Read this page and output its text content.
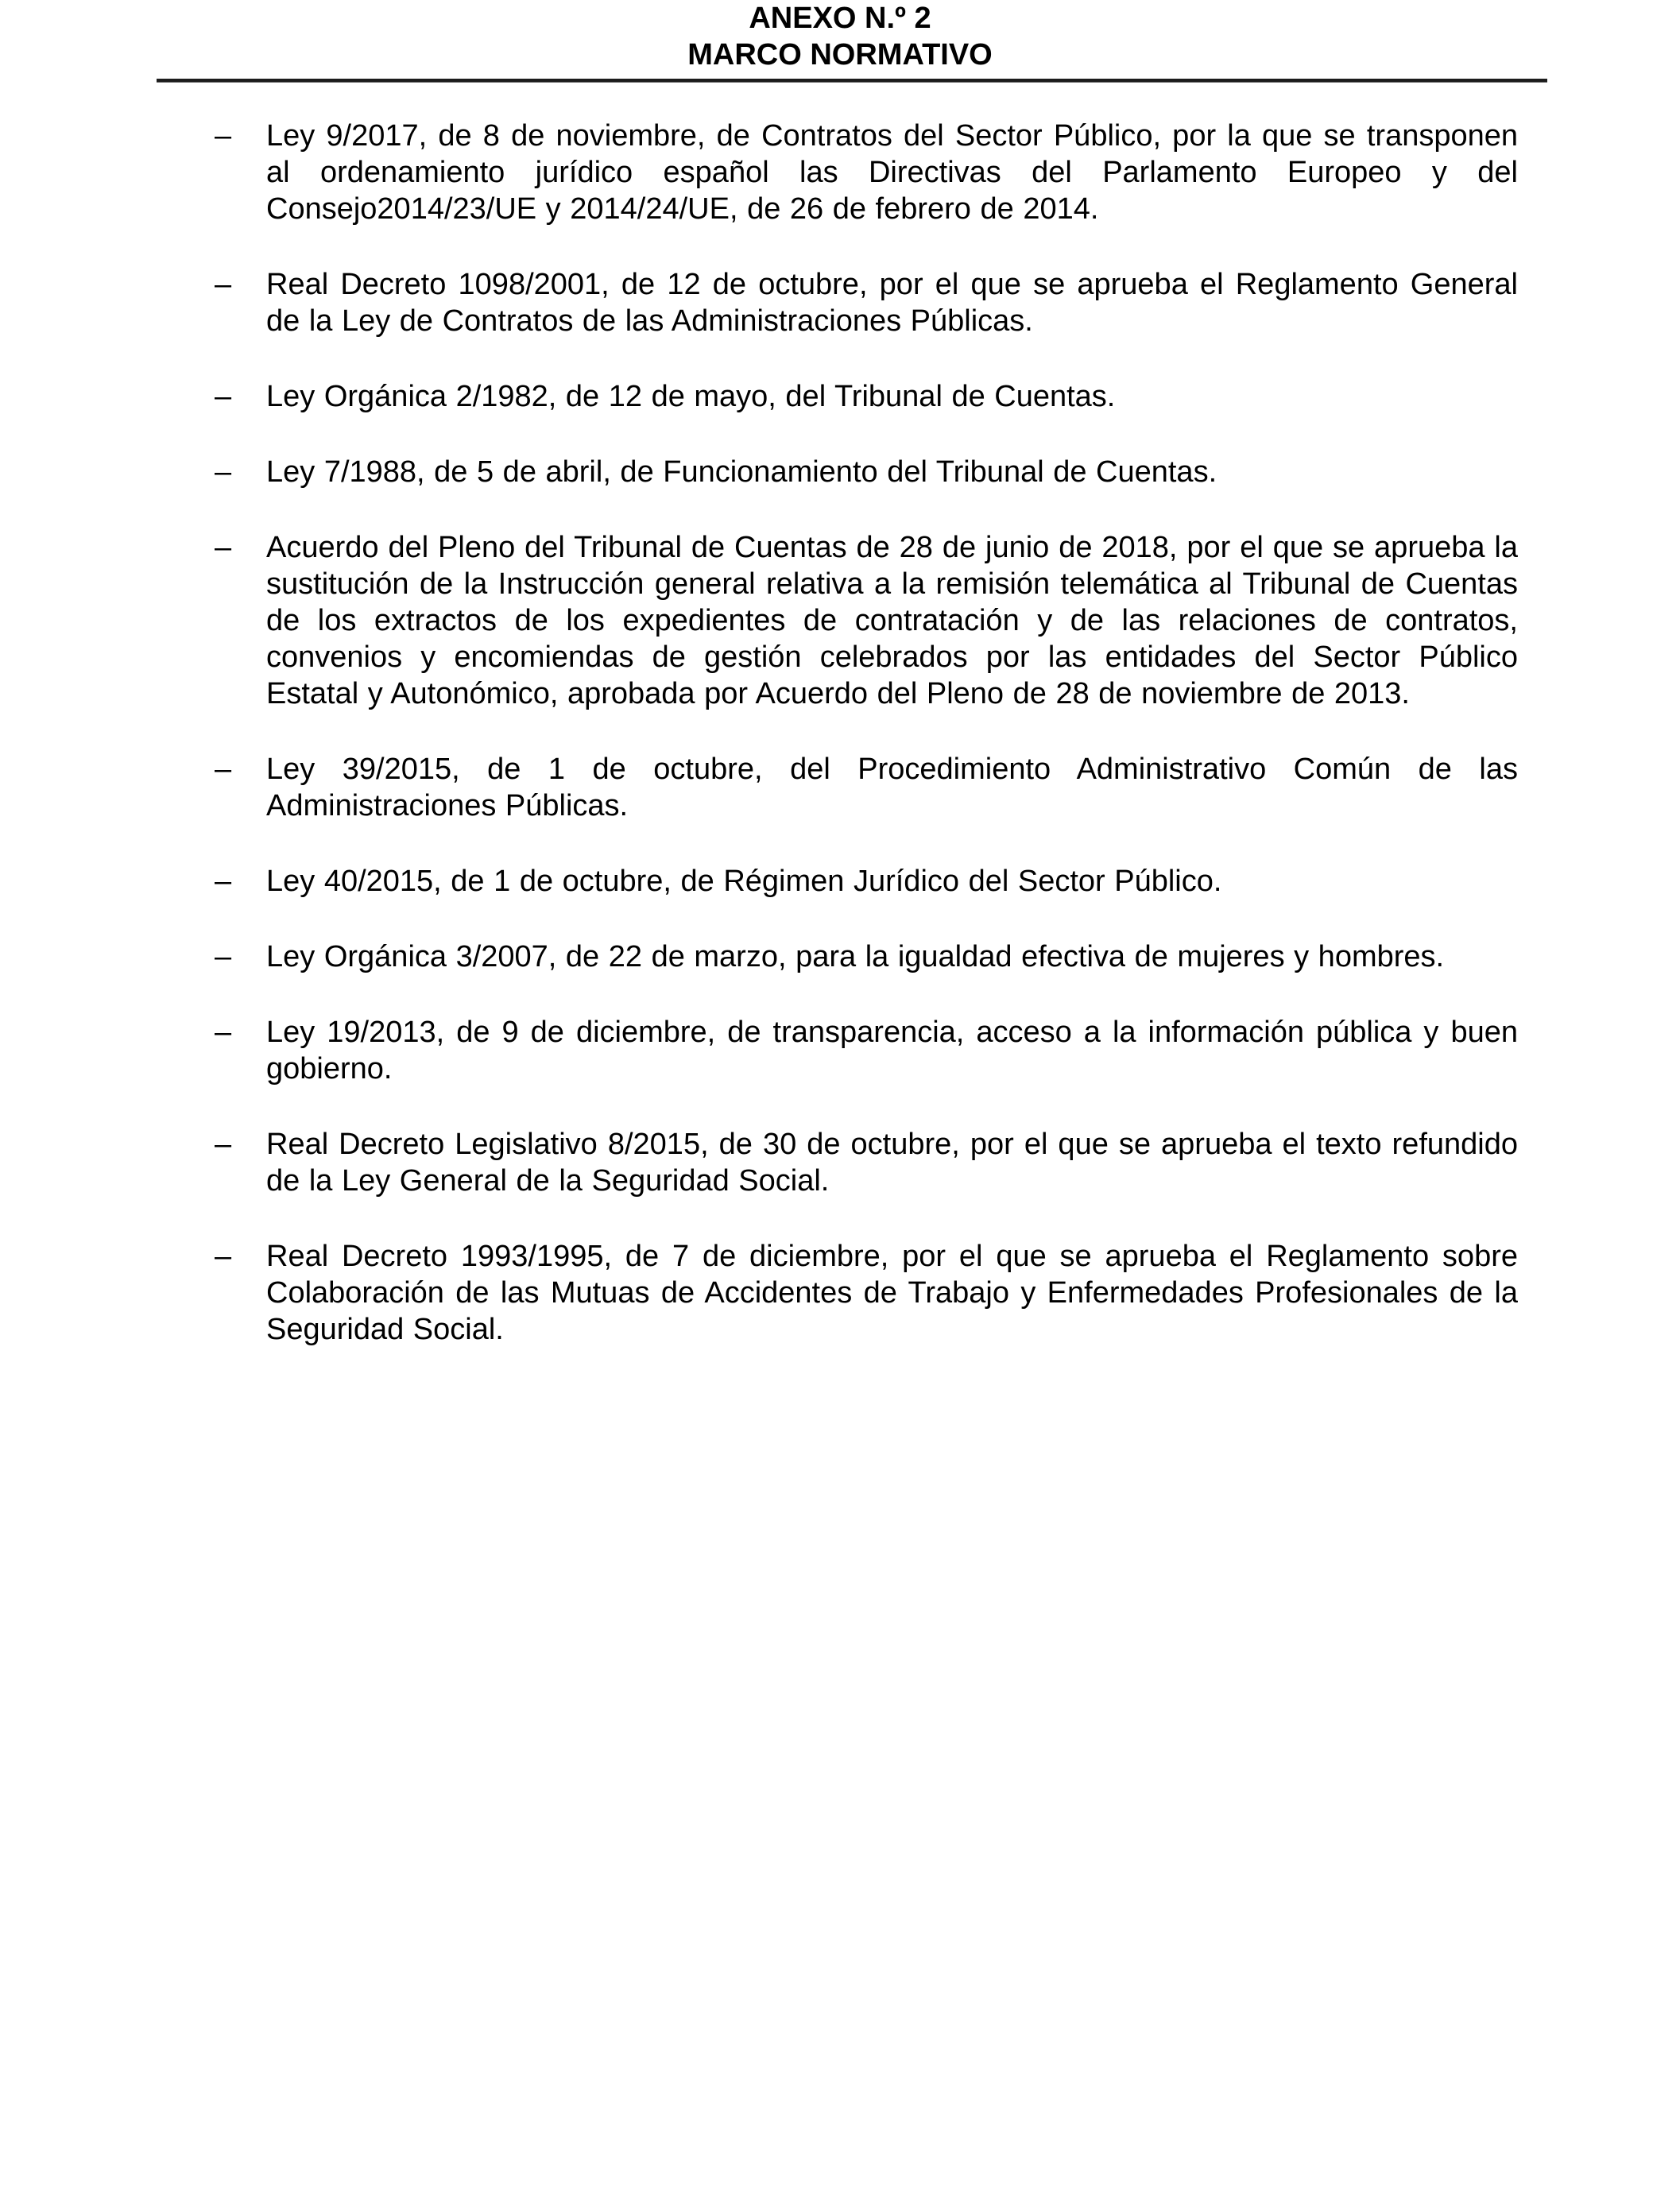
ANEXO N.º 2
MARCO NORMATIVO
– Ley 9/2017, de 8 de noviembre, de Contratos del Sector Público, por la que se transponen al ordenamiento jurídico español las Directivas del Parlamento Europeo y del Consejo2014/23/UE y 2014/24/UE, de 26 de febrero de 2014.
– Real Decreto 1098/2001, de 12 de octubre, por el que se aprueba el Reglamento General de la Ley de Contratos de las Administraciones Públicas.
– Ley Orgánica 2/1982, de 12 de mayo, del Tribunal de Cuentas.
– Ley 7/1988, de 5 de abril, de Funcionamiento del Tribunal de Cuentas.
– Acuerdo del Pleno del Tribunal de Cuentas de 28 de junio de 2018, por el que se aprueba la sustitución de la Instrucción general relativa a la remisión telemática al Tribunal de Cuentas de los extractos de los expedientes de contratación y de las relaciones de contratos, convenios y encomiendas de gestión celebrados por las entidades del Sector Público Estatal y Autonómico, aprobada por Acuerdo del Pleno de 28 de noviembre de 2013.
– Ley 39/2015, de 1 de octubre, del Procedimiento Administrativo Común de las Administraciones Públicas.
– Ley 40/2015, de 1 de octubre, de Régimen Jurídico del Sector Público.
– Ley Orgánica 3/2007, de 22 de marzo, para la igualdad efectiva de mujeres y hombres.
– Ley 19/2013, de 9 de diciembre, de transparencia, acceso a la información pública y buen gobierno.
– Real Decreto Legislativo 8/2015, de 30 de octubre, por el que se aprueba el texto refundido de la Ley General de la Seguridad Social.
– Real Decreto 1993/1995, de 7 de diciembre, por el que se aprueba el Reglamento sobre Colaboración de las Mutuas de Accidentes de Trabajo y Enfermedades Profesionales de la Seguridad Social.
